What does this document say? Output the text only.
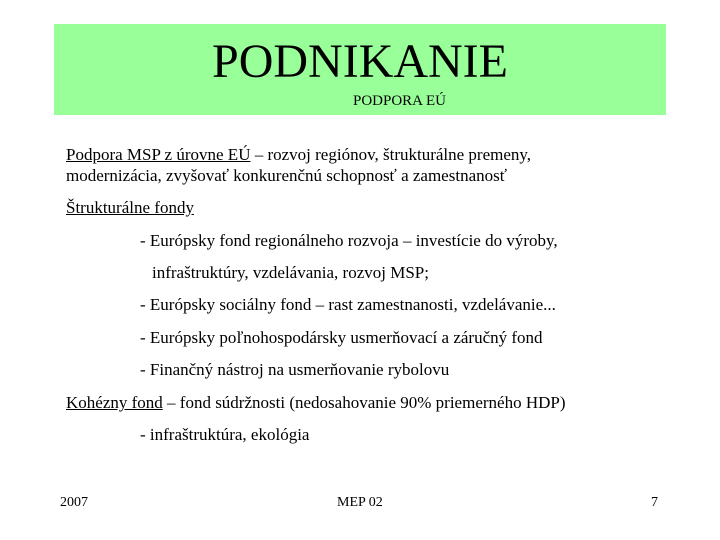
PODNIKANIE
PODPORA EÚ
Podpora MSP z úrovne EÚ – rozvoj regiónov, štrukturálne premeny,
modernizácia, zvyšovať konkurenčnú schopnosť a zamestnanosť
Štrukturálne fondy
- Európsky fond regionálneho rozvoja – investície do výroby,
infraštruktúry, vzdelávania, rozvoj MSP;
- Európsky sociálny fond – rast zamestnanosti, vzdelávanie...
- Európsky poľnohospodársky usmerňovací a záručný fond
- Finančný nástroj na usmerňovanie rybolovu
Kohézny fond – fond súdržnosti (nedosahovanie 90% priemerného HDP)
- infraštruktúra, ekológia
2007	MEP 02	7
